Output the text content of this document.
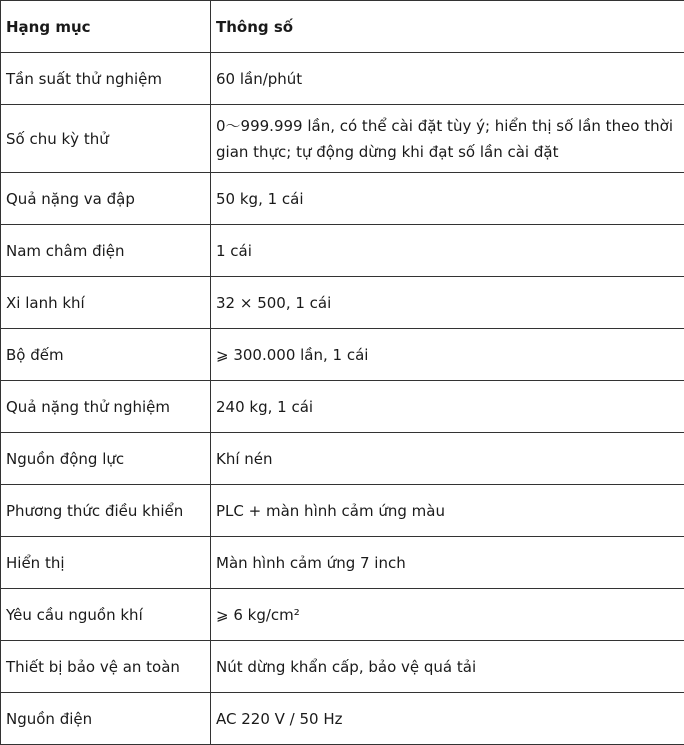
Hạng mục	Thông số
Tần suất thử nghiệm	60 lần/phút
Số chu kỳ thử	0～999.999 lần, có thể cài đặt tùy ý; hiển thị số lần theo thời gian thực; tự động dừng khi đạt số lần cài đặt
Quả nặng va đập	50 kg, 1 cái
Nam châm điện	1 cái
Xi lanh khí	32 × 500, 1 cái
Bộ đếm	⩾ 300.000 lần, 1 cái
Quả nặng thử nghiệm	240 kg, 1 cái
Nguồn động lực	Khí nén
Phương thức điều khiển	PLC + màn hình cảm ứng màu
Hiển thị	Màn hình cảm ứng 7 inch
Yêu cầu nguồn khí	⩾ 6 kg/cm²
Thiết bị bảo vệ an toàn	Nút dừng khẩn cấp, bảo vệ quá tải
Nguồn điện	AC 220 V / 50 Hz
